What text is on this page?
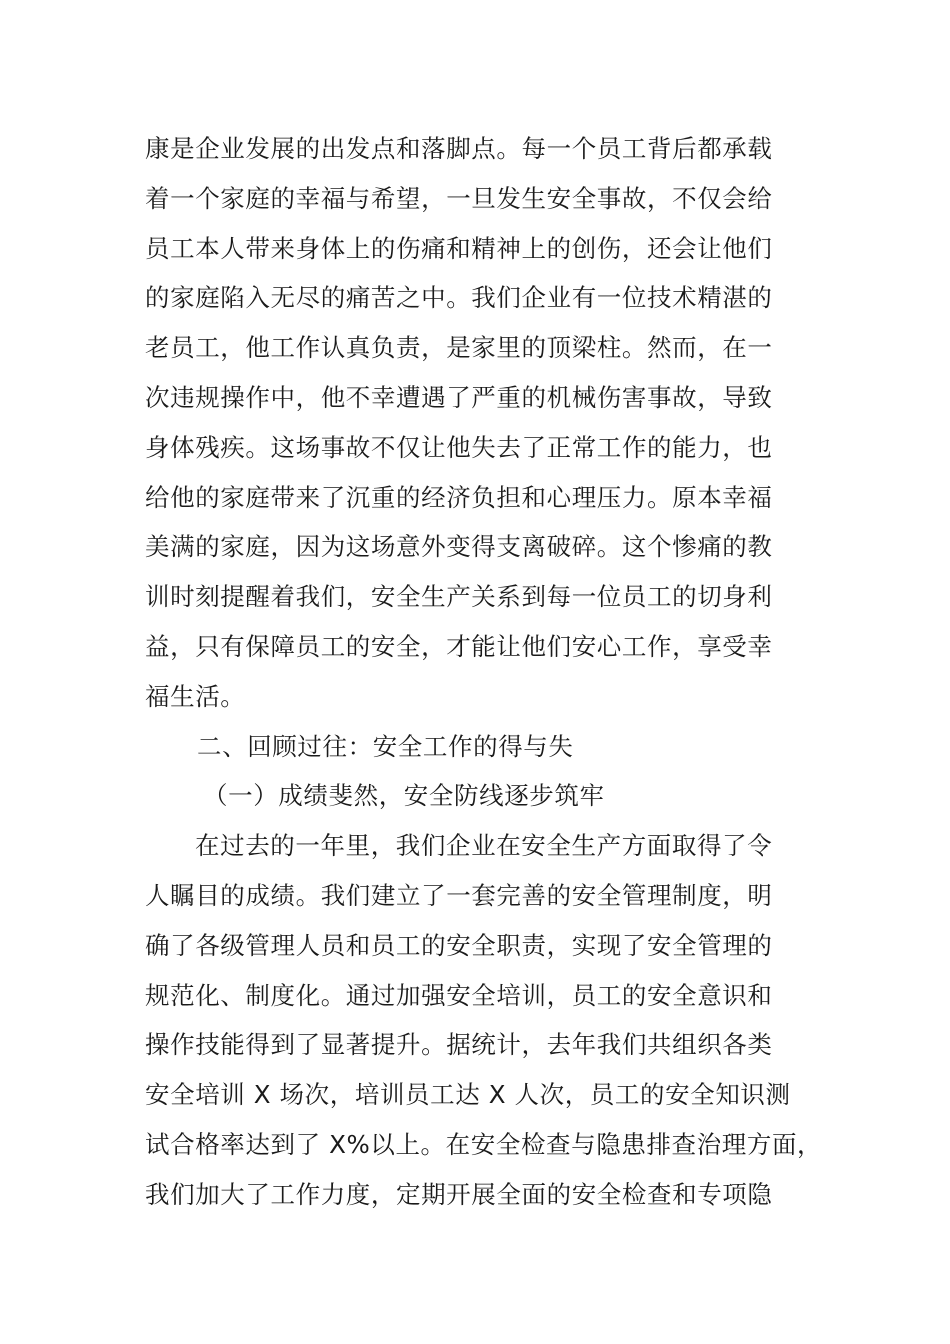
康是企业发展的出发点和落脚点。每一个员工背后都承载
着一个家庭的幸福与希望，一旦发生安全事故，不仅会给
员工本人带来身体上的伤痛和精神上的创伤，还会让他们
的家庭陷入无尽的痛苦之中。我们企业有一位技术精湛的
老员工，他工作认真负责，是家里的顶梁柱。然而，在一
次违规操作中，他不幸遭遇了严重的机械伤害事故，导致
身体残疾。这场事故不仅让他失去了正常工作的能力，也
给他的家庭带来了沉重的经济负担和心理压力。原本幸福
美满的家庭，因为这场意外变得支离破碎。这个惨痛的教
训时刻提醒着我们，安全生产关系到每一位员工的切身利
益，只有保障员工的安全，才能让他们安心工作，享受幸
福生活。
二、回顾过往：安全工作的得与失
（一）成绩斐然，安全防线逐步筑牢
在过去的一年里，我们企业在安全生产方面取得了令
人瞩目的成绩。我们建立了一套完善的安全管理制度，明
确了各级管理人员和员工的安全职责，实现了安全管理的
规范化、制度化。通过加强安全培训，员工的安全意识和
操作技能得到了显著提升。据统计，去年我们共组织各类
安全培训 X 场次，培训员工达 X 人次，员工的安全知识测
试合格率达到了 X%以上。在安全检查与隐患排查治理方面，
我们加大了工作力度，定期开展全面的安全检查和专项隐
